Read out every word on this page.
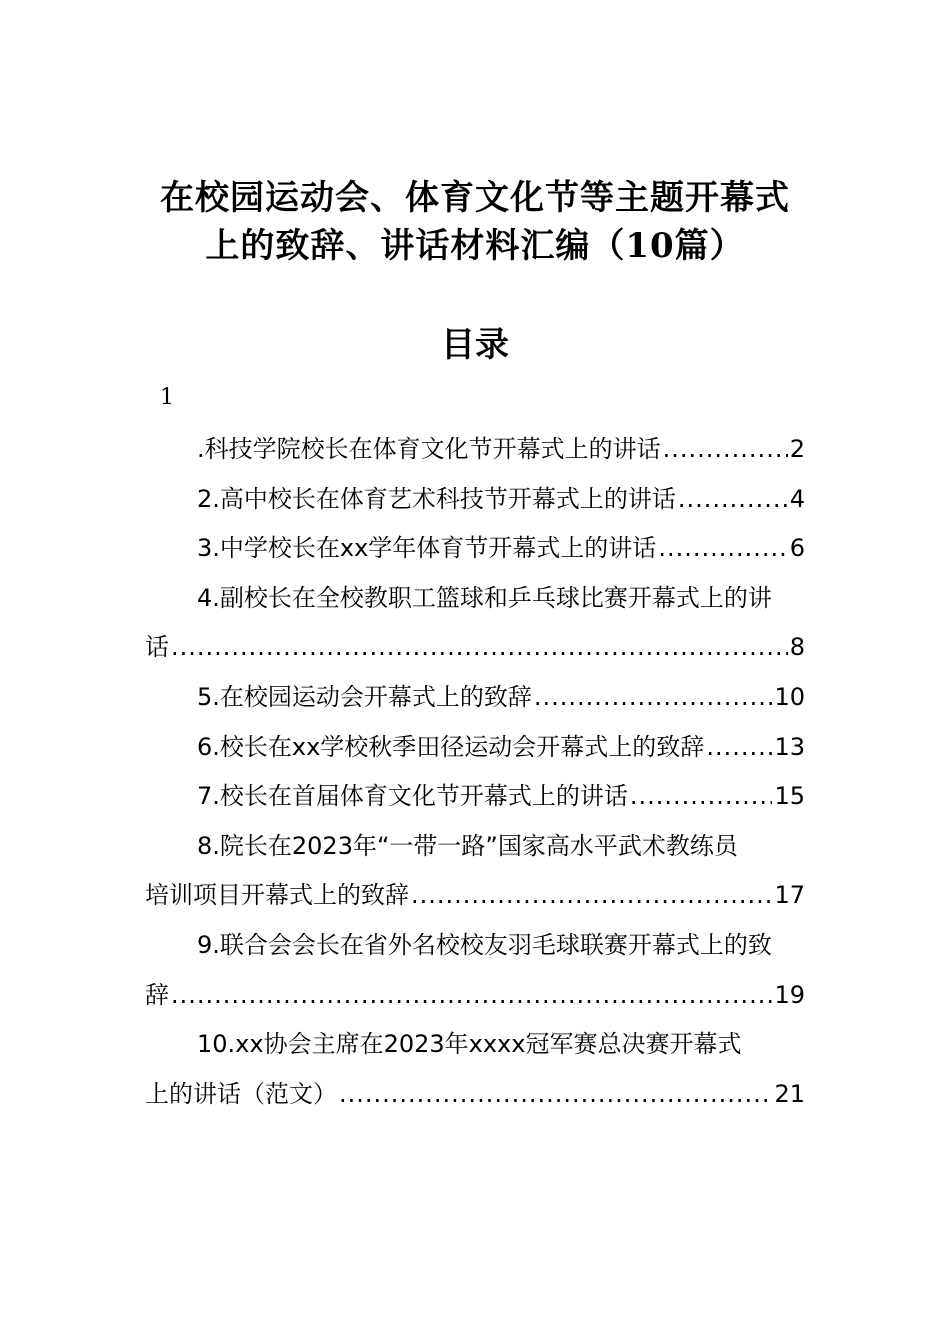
在校园运动会、体育文化节等主题开幕式
上的致辞、讲话材料汇编（10篇）
目录
1
.科技学院校长在体育文化节开幕式上的讲话 .....	2
2.高中校长在体育艺术科技节开幕式上的讲话 .....	4
3.中学校长在xx学年体育节开幕式上的讲话 .....	6
4.副校长在全校教职工篮球和乒乓球比赛开幕式上的讲
话 .....	8
5.在校园运动会开幕式上的致辞 .....	10
6.校长在xx学校秋季田径运动会开幕式上的致辞 .....	13
7.校长在首届体育文化节开幕式上的讲话 .....	15
8.院长在2023年“一带一路”国家高水平武术教练员
培训项目开幕式上的致辞 .....	17
9.联合会会长在省外名校校友羽毛球联赛开幕式上的致
辞 .....	19
10.xx协会主席在2023年xxxx冠军赛总决赛开幕式
上的讲话（范文） .....	21
